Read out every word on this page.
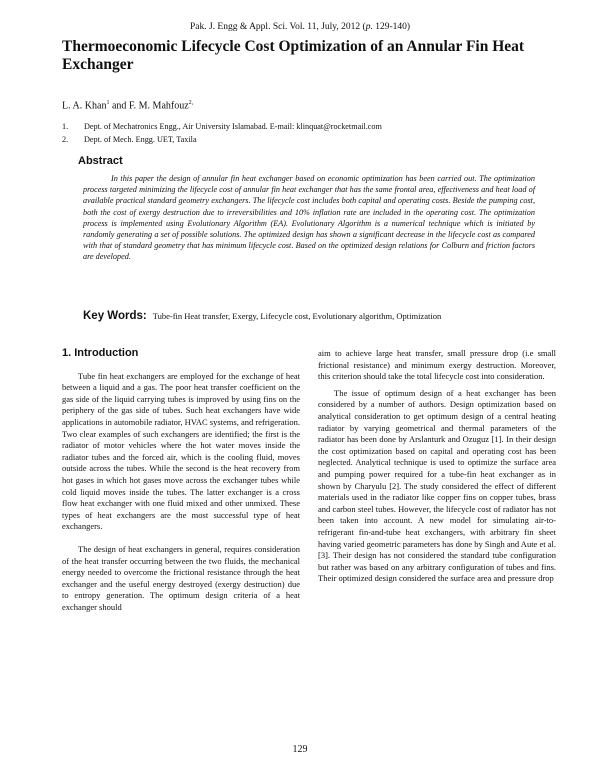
Pak. J. Engg & Appl. Sci. Vol. 11, July, 2012 (p. 129-140)
Thermoeconomic Lifecycle Cost Optimization of an Annular Fin Heat Exchanger
L. A. Khan$^1$ and F. M. Mahfouz$^{2,}$
1.	Dept. of Mechatronics Engg., Air University Islamabad. E-mail: klinquat@rocketmail.com
2.	Dept. of Mech. Engg. UET, Taxila
Abstract

In this paper the design of annular fin heat exchanger based on economic optimization has been carried out. The optimization process targeted minimizing the lifecycle cost of annular fin heat exchanger that has the same frontal area, effectiveness and heat load of available practical standard geometry exchangers. The lifecycle cost includes both capital and operating costs. Beside the pumping cost, both the cost of exergy destruction due to irreversibilities and 10% inflation rate are included in the operating cost. The optimization process is implemented using Evolutionary Algorithm (EA). Evolutionary Algorithm is a numerical technique which is initiated by randomly generating a set of possible solutions. The optimized design has shown a significant decrease in the lifecycle cost as compared with that of standard geometry that has minimum lifecycle cost. Based on the optimized design relations for Colburn and friction factors are developed.

Key Words: Tube-fin Heat transfer, Exergy, Lifecycle cost, Evolutionary algorithm, Optimization
1. Introduction

Tube fin heat exchangers are employed for the exchange of heat between a liquid and a gas. The poor heat transfer coefficient on the gas side of the liquid carrying tubes is improved by using fins on the periphery of the gas side of tubes. Such heat exchangers have wide applications in automobile radiator, HVAC systems, and refrigeration. Two clear examples of such exchangers are identified; the first is the radiator of motor vehicles where the hot water moves inside the radiator tubes and the forced air, which is the cooling fluid, moves outside across the tubes. While the second is the heat recovery from hot gases in which hot gases move across the exchanger tubes while cold liquid moves inside the tubes. The latter exchanger is a cross flow heat exchanger with one fluid mixed and other unmixed. These types of heat exchangers are the most successful type of heat exchangers.

The design of heat exchangers in general, requires consideration of the heat transfer occurring between the two fluids, the mechanical energy needed to overcome the frictional resistance through the heat exchanger and the useful energy destroyed (exergy destruction) due to entropy generation. The optimum design criteria of a heat exchanger should

aim to achieve large heat transfer, small pressure drop (i.e small frictional resistance) and minimum exergy destruction. Moreover, this criterion should take the total lifecycle cost into consideration.

The issue of optimum design of a heat exchanger has been considered by a number of authors. Design optimization based on analytical consideration to get optimum design of a central heating radiator by varying geometrical and thermal parameters of the radiator has been done by Arslanturk and Ozuguz [1]. In their design the cost optimization based on capital and operating cost has been neglected. Analytical technique is used to optimize the surface area and pumping power required for a tube-fin heat exchanger as in shown by Charyulu [2]. The study considered the effect of different materials used in the radiator like copper fins on copper tubes, brass and carbon steel tubes. However, the lifecycle cost of radiator has not been taken into account. A new model for simulating air-to-refrigerant fin-and-tube heat exchangers, with arbitrary fin sheet having varied geometric parameters has done by Singh and Aute et al.[3]. Their design has not considered the standard tube configuration but rather was based on any arbitrary configuration of tubes and fins. Their optimized design considered the surface area and pressure drop

129
